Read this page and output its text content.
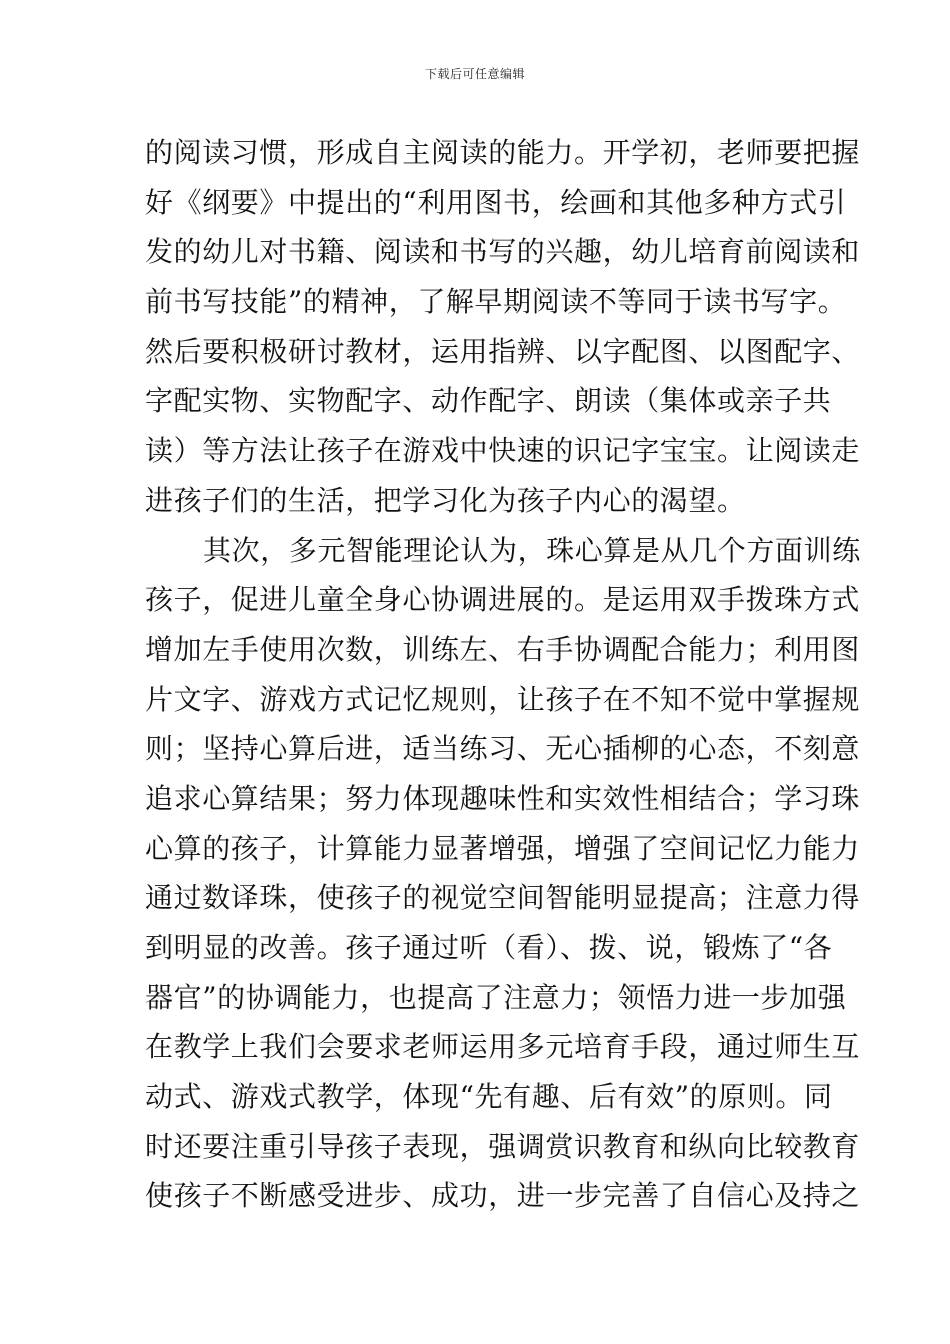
下载后可任意编辑
的阅读习惯，形成自主阅读的能力。开学初，老师要把握
好《纲要》中提出的“利用图书，绘画和其他多种方式引
发的幼儿对书籍、阅读和书写的兴趣，幼儿培育前阅读和
前书写技能”的精神，了解早期阅读不等同于读书写字。
然后要积极研讨教材，运用指辨、以字配图、以图配字、
字配实物、实物配字、动作配字、朗读（集体或亲子共
读）等方法让孩子在游戏中快速的识记字宝宝。让阅读走
进孩子们的生活，把学习化为孩子内心的渴望。
其次，多元智能理论认为，珠心算是从几个方面训练
孩子，促进儿童全身心协调进展的。是运用双手拨珠方式
增加左手使用次数，训练左、右手协调配合能力；利用图
片文字、游戏方式记忆规则，让孩子在不知不觉中掌握规
则；坚持心算后进，适当练习、无心插柳的心态，不刻意
追求心算结果；努力体现趣味性和实效性相结合；学习珠
心算的孩子，计算能力显著增强，增强了空间记忆力能力
通过数译珠，使孩子的视觉空间智能明显提高；注意力得
到明显的改善。孩子通过听（看）、拨、说，锻炼了“各
器官”的协调能力，也提高了注意力；领悟力进一步加强
在教学上我们会要求老师运用多元培育手段，通过师生互
动式、游戏式教学，体现“先有趣、后有效”的原则。同
时还要注重引导孩子表现，强调赏识教育和纵向比较教育
使孩子不断感受进步、成功，进一步完善了自信心及持之
